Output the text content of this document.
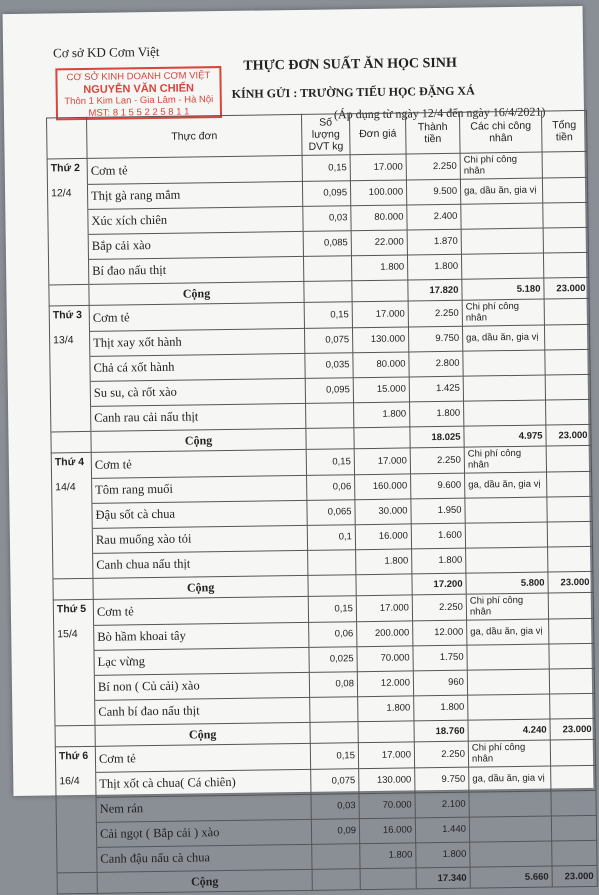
Cơ sở KD Cơm Việt
CƠ SỞ KINH DOANH CƠM VIỆT
NGUYỄN VĂN CHIẾN
Thôn 1 Kim Lan - Gia Lâm - Hà Nội
MST: 8 1 5 5 2 2 5 8 1 1
THỰC ĐƠN SUẤT ĂN HỌC SINH
KÍNH GỬI : TRƯỜNG TIỂU HỌC ĐẶNG XÁ
(Áp dụng từ ngày 12/4 đến ngày 16/4/2021)
	Thực đơn	Số lượng DVT kg	Đơn giá	Thành tiền	Các chi công nhân	Tổng tiền
Thứ 2	Cơm tẻ	0,15	17.000	2.250	Chi phí công nhân	
12/4	Thịt gà rang mắm	0,095	100.000	9.500	ga, dầu ăn, gia vị	
	Xúc xích chiên	0,03	80.000	2.400		
	Bắp cải xào	0,085	22.000	1.870		
	Bí đao nấu thịt		1.800	1.800		
	Cộng			17.820	5.180	23.000
Thứ 3	Cơm tẻ	0,15	17.000	2.250	Chi phí công nhân	
13/4	Thịt xay xốt hành	0,075	130.000	9.750	ga, dầu ăn, gia vị	
	Chả cá xốt hành	0,035	80.000	2.800		
	Su su, cà rốt xào	0,095	15.000	1.425		
	Canh rau cải nấu thịt		1.800	1.800		
	Cộng			18.025	4.975	23.000
Thứ 4	Cơm tẻ	0,15	17.000	2.250	Chi phí công nhân	
14/4	Tôm rang muối	0,06	160.000	9.600	ga, dầu ăn, gia vị	
	Đậu sốt cà chua	0,065	30.000	1.950		
	Rau muống xào tỏi	0,1	16.000	1.600		
	Canh chua nấu thịt		1.800	1.800		
	Cộng			17.200	5.800	23.000
Thứ 5	Cơm tẻ	0,15	17.000	2.250	Chi phí công nhân	
15/4	Bò hầm khoai tây	0,06	200.000	12.000	ga, dầu ăn, gia vị	
	Lạc vừng	0,025	70.000	1.750		
	Bí non ( Củ cải) xào	0,08	12.000	960		
	Canh bí đao nấu thịt		1.800	1.800		
	Cộng			18.760	4.240	23.000
Thứ 6	Cơm tẻ	0,15	17.000	2.250	Chi phí công nhân	
16/4	Thịt xốt cà chua( Cá chiên)	0,075	130.000	9.750	ga, dầu ăn, gia vị	
	Nem rán	0,03	70.000	2.100		
	Cải ngọt ( Bắp cải ) xào	0,09	16.000	1.440		
	Canh đậu nấu cà chua		1.800	1.800		
	Cộng			17.340	5.660	23.000
